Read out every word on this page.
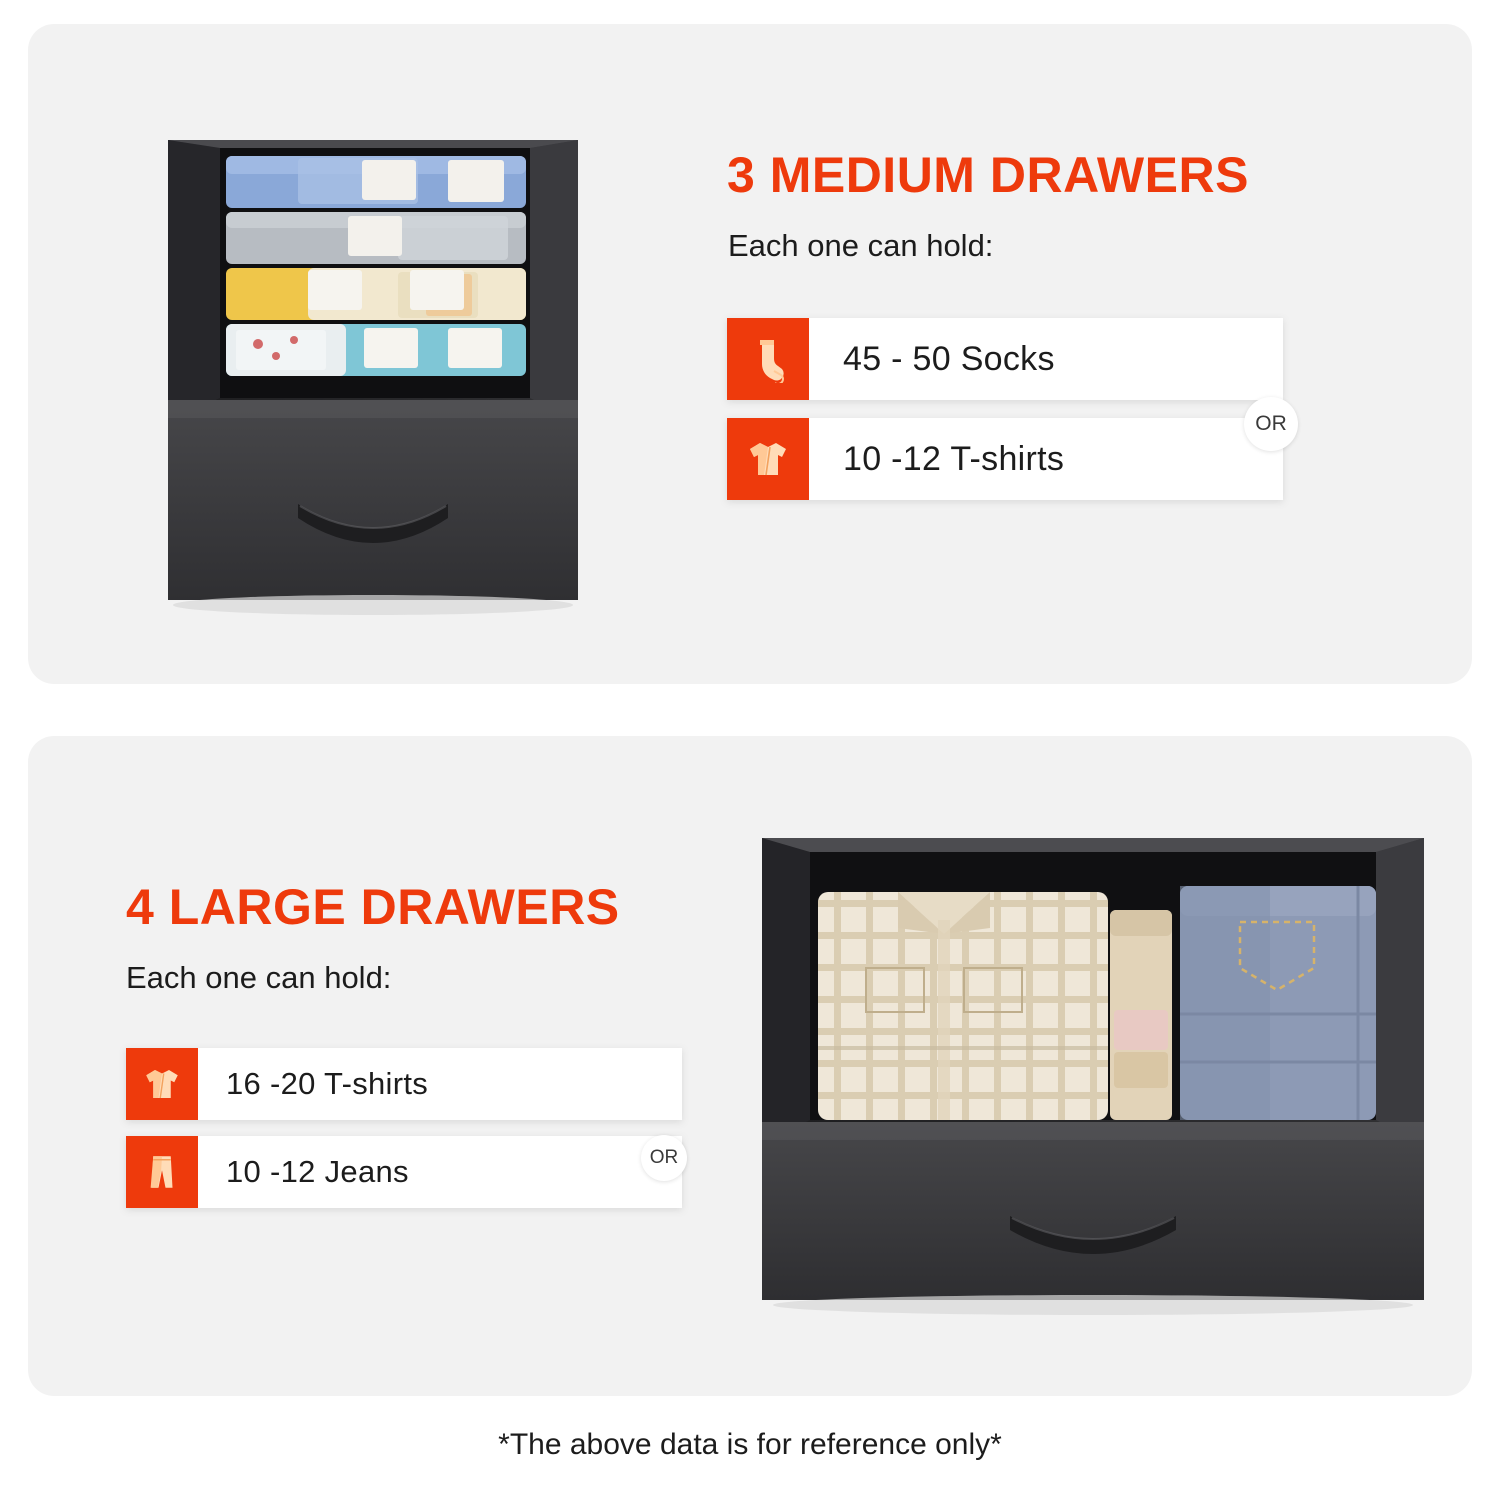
3 MEDIUM DRAWERS
Each one can hold:
45 - 50 Socks
10 -12 T-shirts
OR
4 LARGE DRAWERS
Each one can hold:
16 -20 T-shirts
10 -12 Jeans	OR
*The above data is for reference only*
